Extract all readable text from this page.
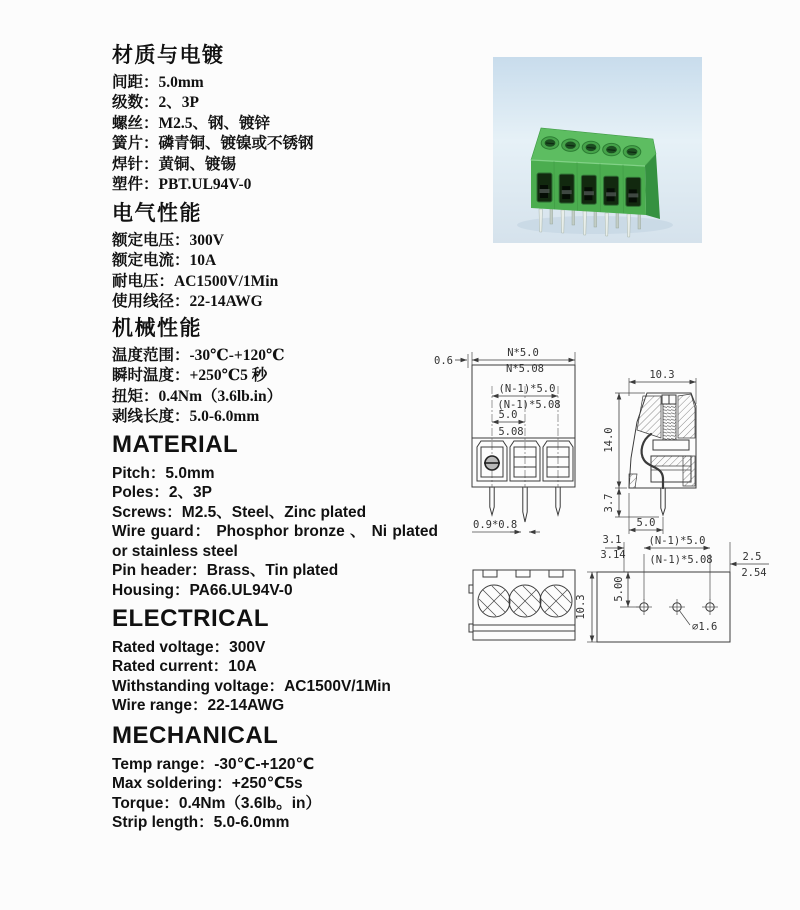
材质与电镀

间距：5.0mm

级数：2、3P

螺丝：M2.5、钢、镀锌

簧片：磷青铜、镀镍或不锈钢

焊针：黄铜、镀锡

塑件：PBT.UL94V-0

电气性能

额定电压：300V

额定电流：10A

耐电压：AC1500V/1Min

使用线径：22-14AWG

机械性能

温度范围：-30℃-+120℃

瞬时温度：+250℃5 秒

扭矩：0.4Nm（3.6lb.in）

剥线长度：5.0-6.0mm

MATERIAL

Pitch：5.0mm

Poles：2、3P

Screws：M2.5、Steel、Zinc plated

Wire guard： Phosphor bronze 、 Ni plated or stainless steel

Pin header：Brass、Tin plated

Housing：PA66.UL94V-0

ELECTRICAL

Rated voltage：300V

Rated current：10A

Withstanding voltage：AC1500V/1Min

Wire range：22-14AWG

MECHANICAL

Temp range：-30℃-+120℃

Max soldering：+250℃5s

Torque：0.4Nm（3.6lb。in）

Strip length：5.0-6.0mm

0.6
N*5.0
N*5.08
(N-1)*5.0
(N-1)*5.08
5.0
5.08
0.9*0.8
10.3
5.0
14.0
3.7
(N-1)*5.0
(N-1)*5.08
3.1
3.14	2.5
2.54
5.00
10.3
∅1.6
